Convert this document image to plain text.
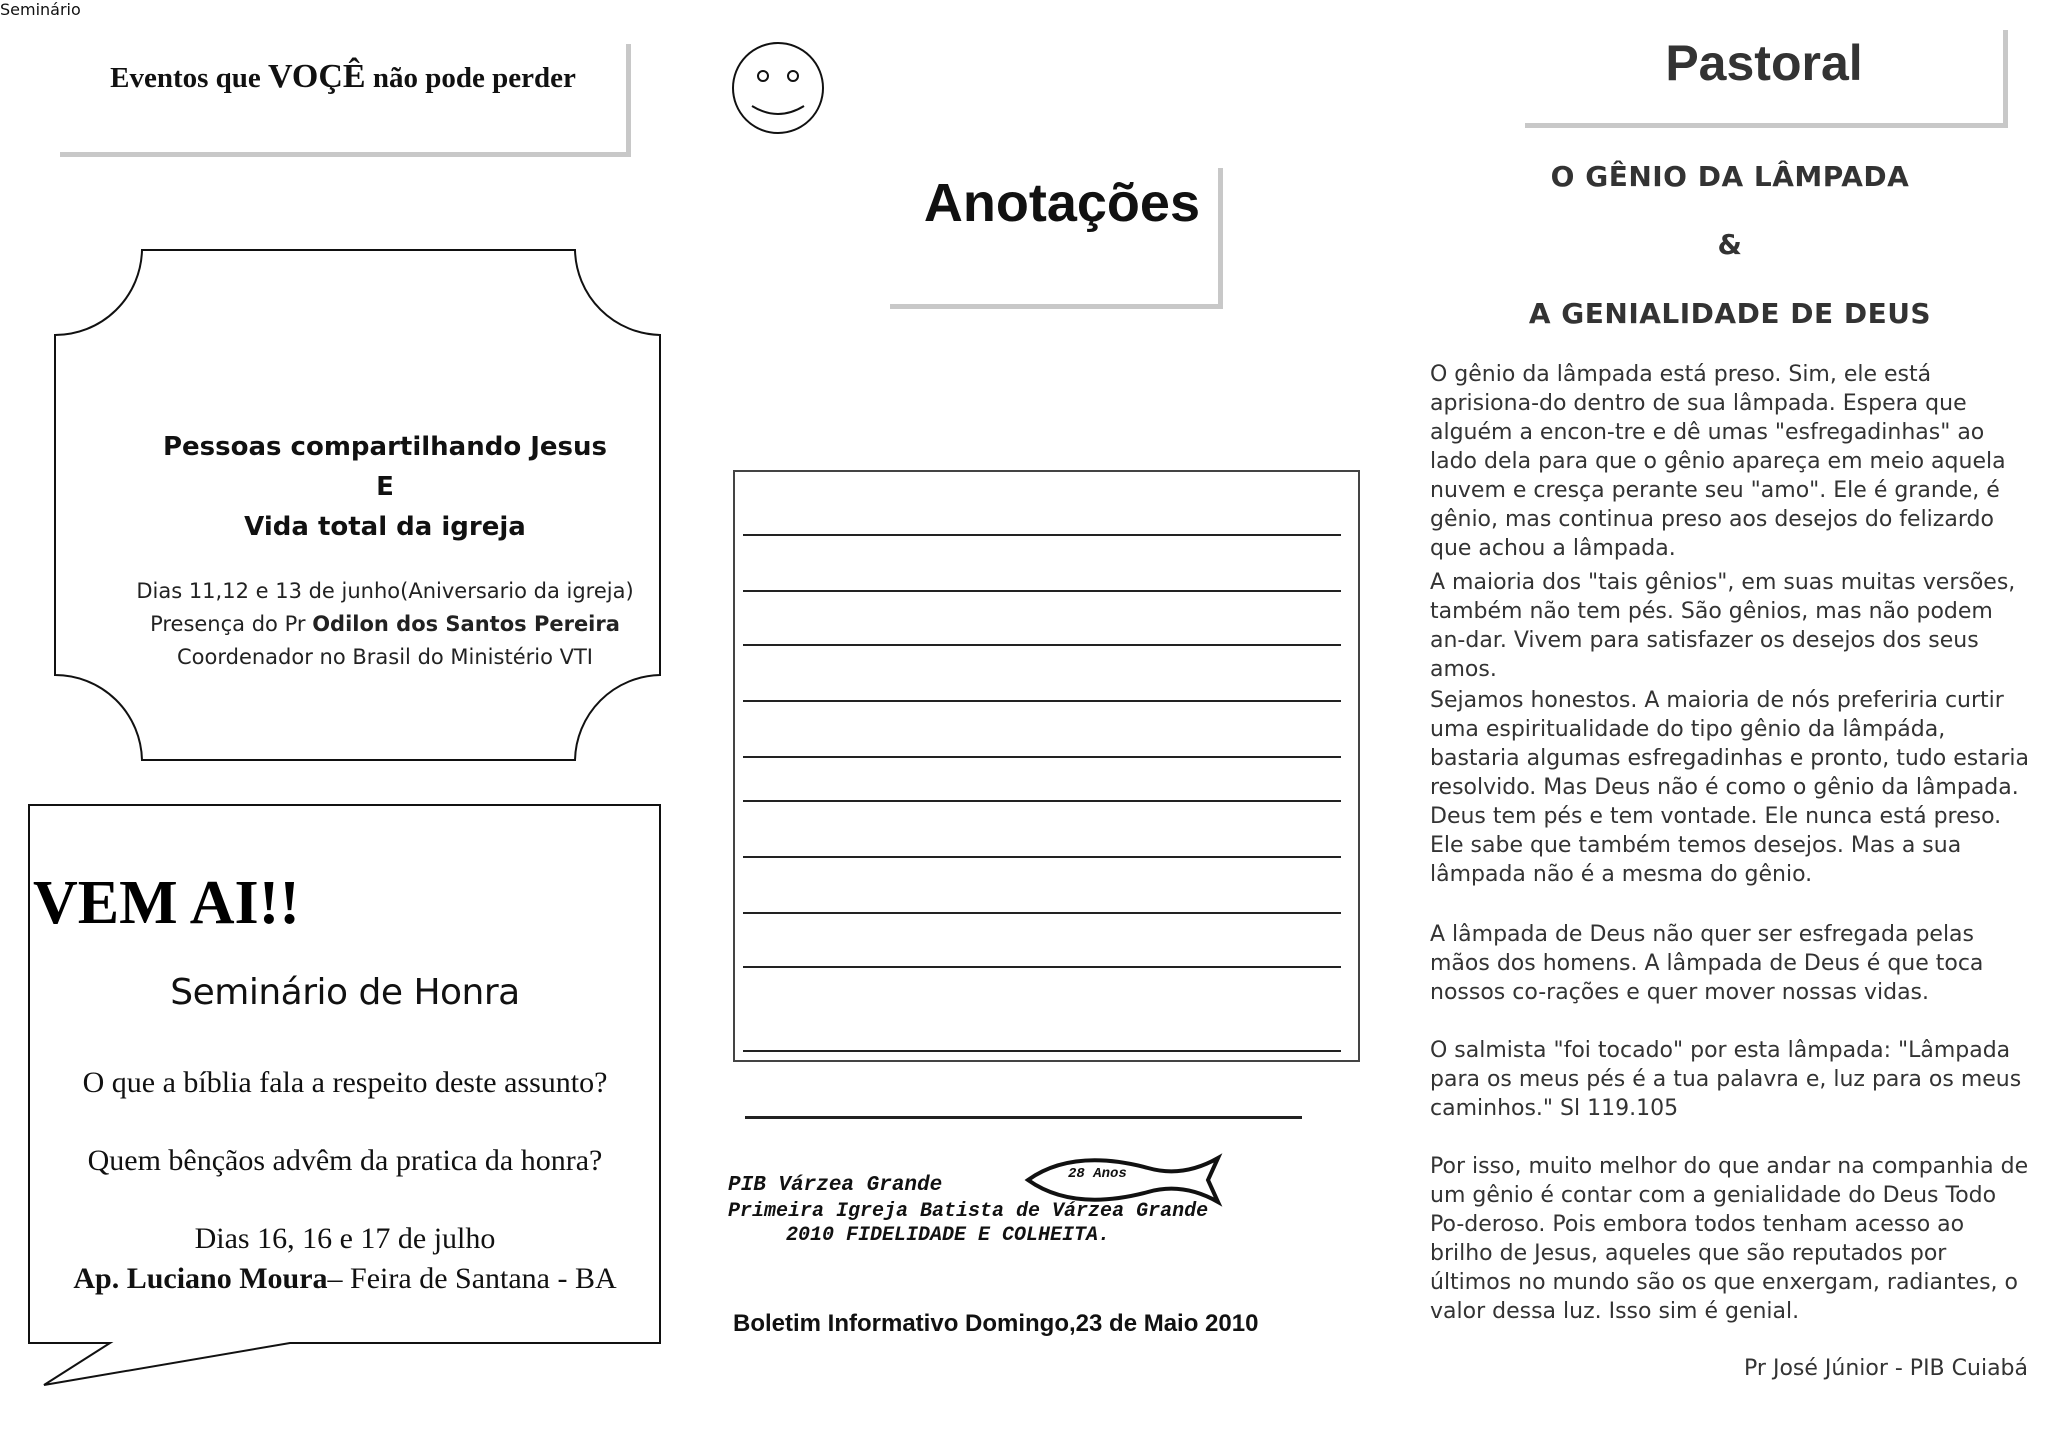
Eventos que VOÇÊ não pode perder
Seminário
Pessoas compartilhando Jesus
E
Vida total da igreja
Dias 11,12 e 13 de junho(Aniversario da igreja)
Presença do Pr Odilon dos Santos Pereira
Coordenador no Brasil do Ministério VTI
VEM AI!!
Seminário de Honra
O que a bíblia fala a respeito deste assunto?
Quem bênçãos advêm da pratica da honra?
Dias 16, 16 e 17 de julho
Ap. Luciano Moura– Feira de Santana - BA
Anotações
PIB Várzea Grande	28 Anos
Primeira Igreja Batista de Várzea Grande
2010 FIDELIDADE E COLHEITA.
Boletim Informativo Domingo,23 de Maio 2010
Pastoral
O GÊNIO DA LÂMPADA
&
A GENIALIDADE DE DEUS
O gênio da lâmpada está preso. Sim, ele está aprisiona-do dentro de sua lâmpada. Espera que alguém a encon-tre e dê umas "esfregadinhas" ao lado dela para que o gênio apareça em meio aquela nuvem e cresça perante seu "amo". Ele é grande, é gênio, mas continua preso aos desejos do felizardo que achou a lâmpada.
A maioria dos "tais gênios", em suas muitas versões, também não tem pés. São gênios, mas não podem an-dar. Vivem para satisfazer os desejos dos seus amos.
Sejamos honestos. A maioria de nós preferiria curtir uma espiritualidade do tipo gênio da lâmpáda, bastaria algumas esfregadinhas e pronto, tudo estaria resolvido. Mas Deus não é como o gênio da lâmpada. Deus tem pés e tem vontade. Ele nunca está preso. Ele sabe que também temos desejos. Mas a sua lâmpada não é a mesma do gênio.
A lâmpada de Deus não quer ser esfregada pelas mãos dos homens. A lâmpada de Deus é que toca nossos co-rações e quer mover nossas vidas.
O salmista "foi tocado" por esta lâmpada: "Lâmpada para os meus pés é a tua palavra e, luz para os meus caminhos." Sl 119.105
Por isso, muito melhor do que andar na companhia de um gênio é contar com a genialidade do Deus Todo Po-deroso. Pois embora todos tenham acesso ao brilho de Jesus, aqueles que são reputados por últimos no mundo são os que enxergam, radiantes, o valor dessa luz. Isso sim é genial.
Pr José Júnior - PIB Cuiabá
